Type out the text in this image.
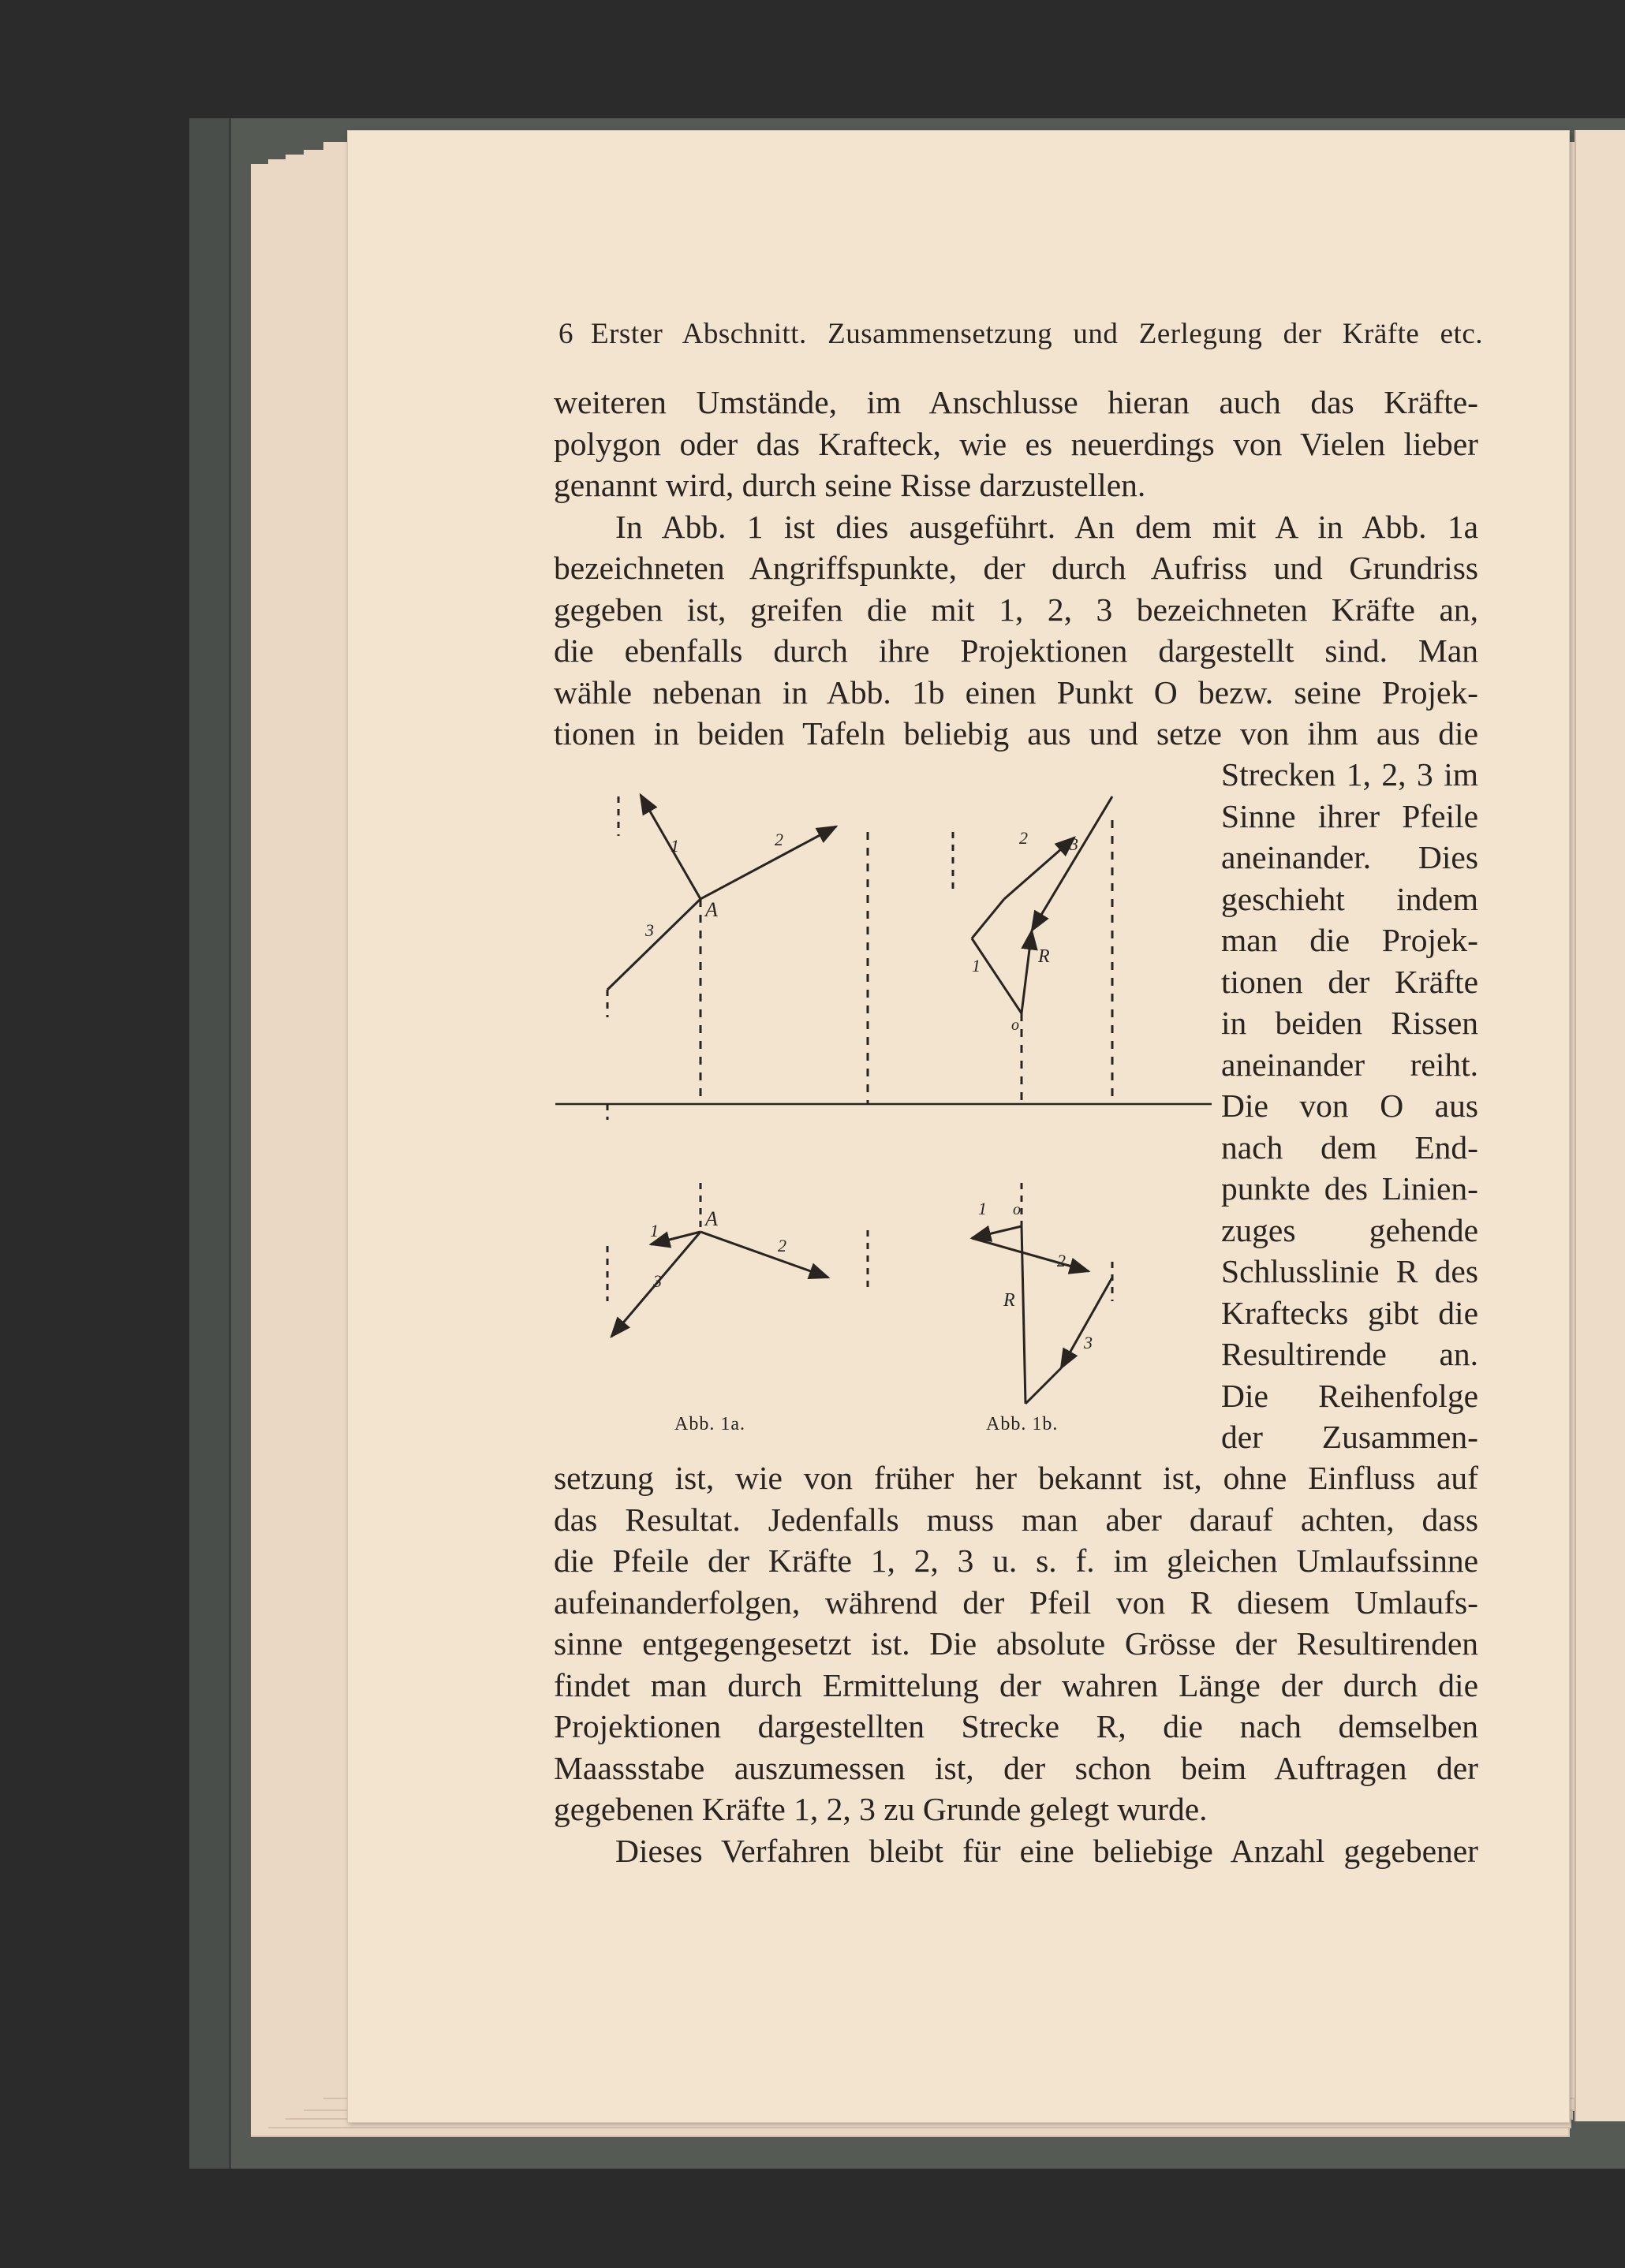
6 Erster Abschnitt. Zusammensetzung und Zerlegung der Kräfte etc.
weiteren Umstände, im Anschlusse hieran auch das Kräfte-
polygon oder das Krafteck, wie es neuerdings von Vielen lieber
genannt wird, durch seine Risse darzustellen.
In Abb. 1 ist dies ausgeführt. An dem mit A in Abb. 1a
bezeichneten Angriffspunkte, der durch Aufriss und Grundriss
gegeben ist, greifen die mit 1, 2, 3 bezeichneten Kräfte an,
die ebenfalls durch ihre Projektionen dargestellt sind. Man
wähle nebenan in Abb. 1b einen Punkt O bezw. seine Projek-
tionen in beiden Tafeln beliebig aus und setze von ihm aus die
Strecken 1, 2, 3 im
Sinne ihrer Pfeile
aneinander. Dies
geschieht indem
man die Projek-
tionen der Kräfte
in beiden Rissen
aneinander reiht.
Die von O aus
nach dem End-
punkte des Linien-
zuges gehende
Schlusslinie R des
Kraftecks gibt die
Resultirende an.
Die Reihenfolge
der Zusammen-
A
A
1	2
3
2 3
1	R
o
1
2
3
1 o
2
R
3
Abb. 1a.	Abb. 1b.
setzung ist, wie von früher her bekannt ist, ohne Einfluss auf
das Resultat. Jedenfalls muss man aber darauf achten, dass
die Pfeile der Kräfte 1, 2, 3 u. s. f. im gleichen Umlaufssinne
aufeinanderfolgen, während der Pfeil von R diesem Umlaufs-
sinne entgegengesetzt ist. Die absolute Grösse der Resultirenden
findet man durch Ermittelung der wahren Länge der durch die
Projektionen dargestellten Strecke R, die nach demselben
Maassstabe auszumessen ist, der schon beim Auftragen der
gegebenen Kräfte 1, 2, 3 zu Grunde gelegt wurde.
Dieses Verfahren bleibt für eine beliebige Anzahl gegebener
